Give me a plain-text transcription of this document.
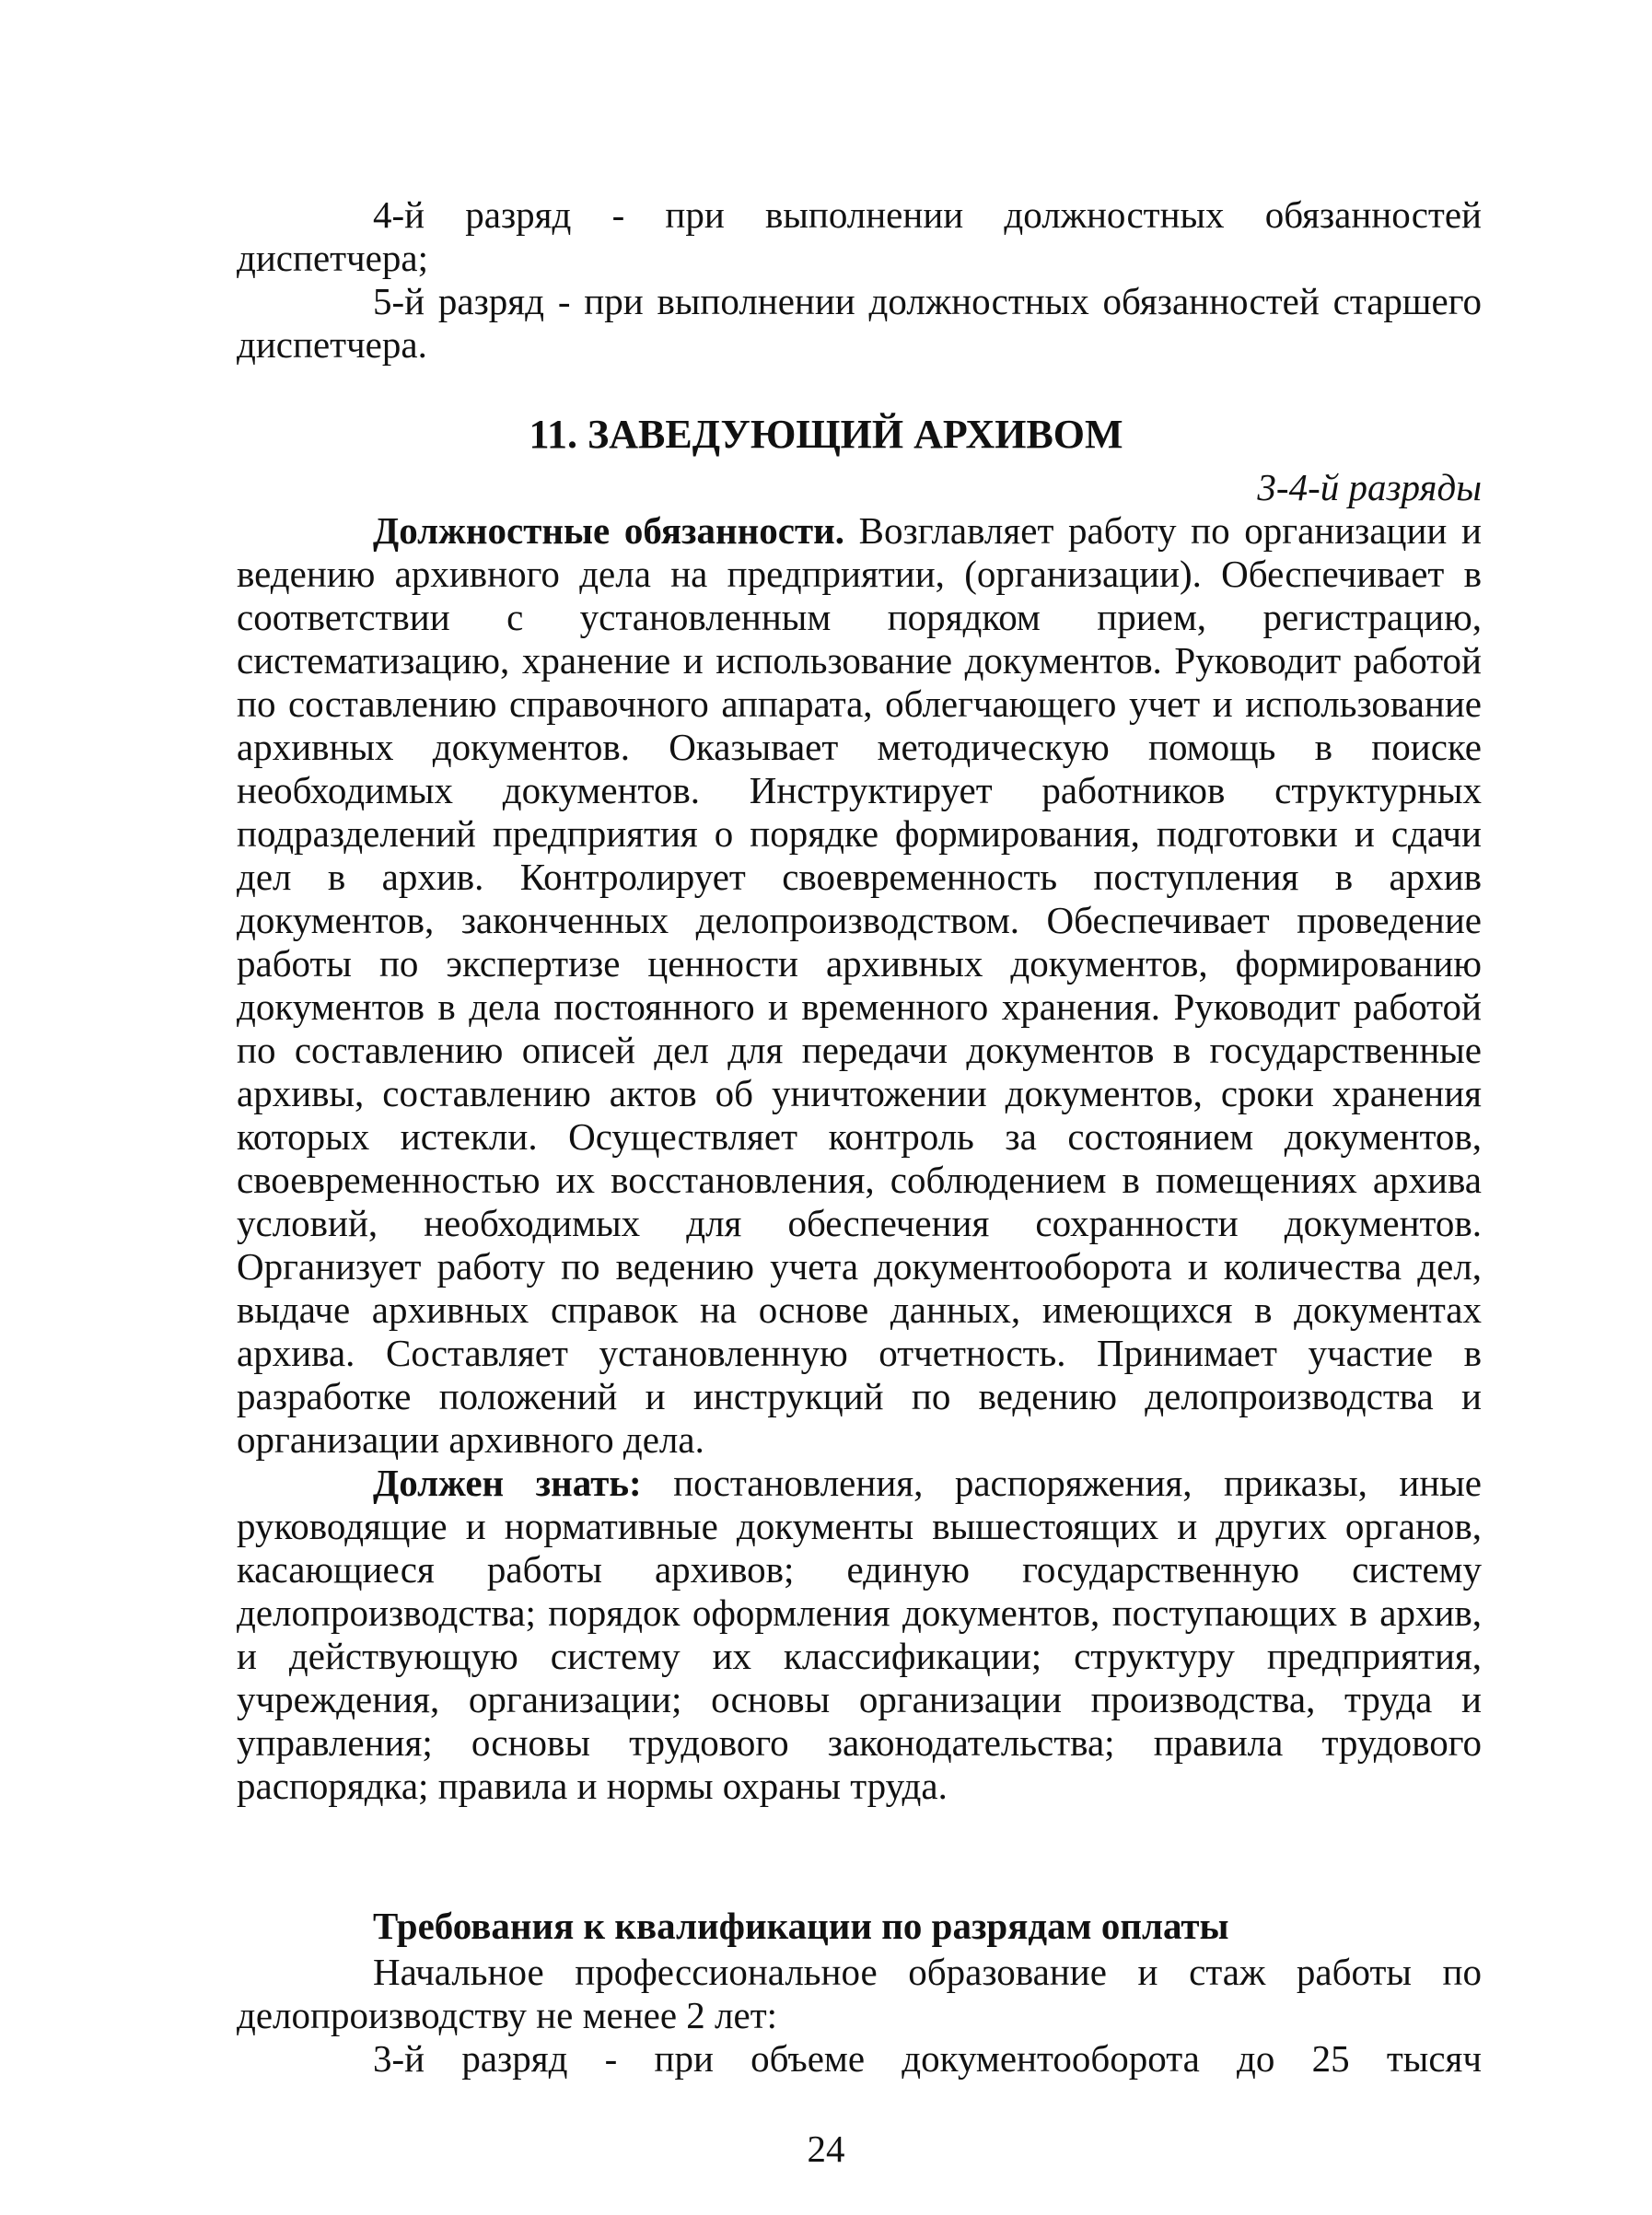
4-й разряд - при выполнении должностных обязанностей диспетчера;

5-й разряд - при выполнении должностных обязанностей старшего диспетчера.

11. ЗАВЕДУЮЩИЙ АРХИВОМ
3-4-й разряды

Должностные обязанности. Возглавляет работу по организации и ведению архивного дела на предприятии, (организации). Обеспечивает в соответствии с установленным порядком прием, регистрацию, систематизацию, хранение и использование документов. Руководит работой по составлению справочного аппарата, облегчающего учет и использование архивных документов. Оказывает методическую помощь в поиске необходимых документов. Инструктирует работников структурных подразделений предприятия о порядке формирования, подготовки и сдачи дел в архив. Контролирует своевременность поступления в архив документов, законченных делопроизводством. Обеспечивает проведение работы по экспертизе ценности архивных документов, формированию документов в дела постоянного и временного хранения. Руководит работой по составлению описей дел для передачи документов в государственные архивы, составлению актов об уничтожении документов, сроки хранения которых истекли. Осуществляет контроль за состоянием документов, своевременностью их восстановления, соблюдением в помещениях архива условий, необходимых для обеспечения сохранности документов. Организует работу по ведению учета документооборота и количества дел, выдаче архивных справок на основе данных, имеющихся в документах архива. Составляет установленную отчетность. Принимает участие в разработке положений и инструкций по ведению делопроизводства и организации архивного дела.

Должен знать: постановления, распоряжения, приказы, иные руководящие и нормативные документы вышестоящих и других органов, касающиеся работы архивов; единую государственную систему делопроизводства; порядок оформления документов, поступающих в архив, и действующую систему их классификации; структуру предприятия, учреждения, организации; основы организации производства, труда и управления; основы трудового законодательства; правила трудового распорядка; правила и нормы охраны труда.

Требования к квалификации по разрядам оплаты

Начальное профессиональное образование и стаж работы по делопроизводству не менее 2 лет:

3-й разряд - при объеме документооборота до 25 тысяч

24
